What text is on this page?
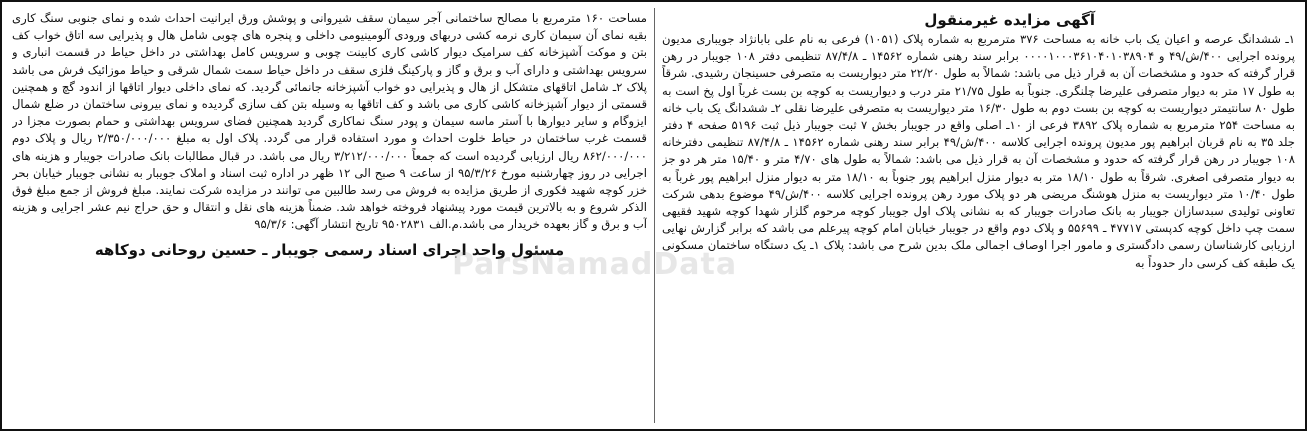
آگهی مزایده غیرمنقول
۱ـ ششدانگ عرصه و اعیان یک باب خانه به مساحت ۳۷۶ مترمربع به شماره پلاک (۱۰۵۱) فرعی به نام علی بابانژاد جویباری مدیون پرونده اجرایی ۴۰۰/ش/۴۹ و ۰۰۰۰۱۰۰۰۳۶۱۰۴۰۱۰۳۸۹۰۴ برابر سند رهنی شماره ۱۴۵۶۲ ـ ۸۷/۴/۸ تنظیمی دفتر ۱۰۸ جویبار در رهن قرار گرفته که حدود و مشخصات آن به قرار ذیل می باشد: شمالاً به طول ۲۲/۲۰ متر دیواریست به متصرفی حسینجان رشیدی. شرقاً به طول ۱۷ متر به دیوار متصرفی علیرضا چلنگری. جنوباً به طول ۲۱/۷۵ متر درب و دیواریست به کوچه بن بست غرباً اول پخ است به طول ۸۰ سانتیمتر دیواریست به کوچه بن بست دوم به طول ۱۶/۳۰ متر دیواریست به متصرفی علیرضا نقلی ۲ـ ششدانگ یک باب خانه به مساحت ۲۵۴ مترمربع به شماره پلاک ۳۸۹۲ فرعی از ۱۰ـ اصلی واقع در جویبار بخش ۷ ثبت جویبار ذیل ثبت ۵۱۹۶ صفحه ۴ دفتر جلد ۳۵ به نام قربان ابراهیم پور مدیون پرونده اجرایی کلاسه ۴۰۰/ش/۴۹ برابر سند رهنی شماره ۱۴۵۶۲ ـ ۸۷/۴/۸ تنظیمی دفترخانه ۱۰۸ جویبار در رهن قرار گرفته که حدود و مشخصات آن به قرار ذیل می باشد: شمالاً به طول های ۴/۷۰ متر و ۱۵/۴۰ متر هر دو جز به دیوار متصرفی اصغری. شرقاً به طول ۱۸/۱۰ متر به دیوار منزل ابراهیم پور جنوباً به ۱۸/۱۰ متر به دیوار منزل ابراهیم پور غرباً به طول ۱۰/۴۰ متر دیواریست به منزل هوشنگ مریضی هر دو پلاک مورد رهن پرونده اجرایی کلاسه ۴۰۰/ش/۴۹ موضوع بدهی شرکت تعاونی تولیدی سبدسازان جویبار به بانک صادرات جویبار که به نشانی پلاک اول جویبار کوچه مرحوم گلزار شهدا کوچه شهید فقیهی سمت چپ داخل کوچه کدپستی ۴۷۷۱۷ ـ ۵۵۶۹۹ و پلاک دوم واقع در جویبار خیابان امام کوچه پیرعلم می باشد که برابر گزارش نهایی ارزیابی کارشناسان رسمی دادگستری و مامور اجرا اوصاف اجمالی ملک بدین شرح می باشد: پلاک ۱ـ یک دستگاه ساختمان مسکونی یک طبقه کف کرسی دار حدوداً به
مساحت ۱۶۰ مترمربع با مصالح ساختمانی آجر سیمان سقف شیروانی و پوشش ورق ایرانیت احداث شده و نمای جنوبی سنگ کاری بقیه نمای آن سیمان کاری نرمه کشی دربهای ورودی آلومینیومی داخلی و پنجره های چوبی شامل هال و پذیرایی سه اتاق خواب کف بتن و موکت آشپزخانه کف سرامیک دیوار کاشی کاری کابینت چوبی و سرویس کامل بهداشتی در داخل حیاط در قسمت انباری و سرویس بهداشتی و دارای آب و برق و گاز و پارکینگ فلزی سقف در داخل حیاط سمت شمال شرقی و حیاط موزائیک فرش می باشد پلاک ۲ـ شامل اتاقهای متشکل از هال و پذیرایی دو خواب آشپزخانه جانمائی گردید. که نمای داخلی دیوار اتاقها از اندود گچ و همچنین قسمتی از دیوار آشپزخانه کاشی کاری می باشد و کف اتاقها به وسیله بتن کف سازی گردیده و نمای بیرونی ساختمان در ضلع شمال ایزوگام و سایر دیوارها با آستر ماسه سیمان و پودر سنگ نماکاری گردید همچنین فضای سرویس بهداشتی و حمام بصورت مجزا در قسمت غرب ساختمان در حیاط خلوت احداث و مورد استفاده قرار می گردد. پلاک اول به مبلغ ۲/۳۵۰/۰۰۰/۰۰۰ ریال و پلاک دوم ۸۶۲/۰۰۰/۰۰۰ ریال ارزیابی گردیده است که جمعاً ۳/۲۱۲/۰۰۰/۰۰۰ ریال می باشد. در قبال مطالبات بانک صادرات جویبار و هزینه های اجرایی در روز چهارشنبه مورخ ۹۵/۳/۲۶ از ساعت ۹ صبح الی ۱۲ ظهر در اداره ثبت اسناد و املاک جویبار به نشانی جویبار خیابان بحر خزر کوچه شهید فکوری از طریق مزایده به فروش می رسد طالبین می توانند در مزایده شرکت نمایند. مبلغ فروش از جمع مبلغ فوق الذکر شروع و به بالاترین قیمت مورد پیشنهاد فروخته خواهد شد. ضمناً هزینه های نقل و انتقال و حق حراج نیم عشر اجرایی و هزینه آب و برق و گاز بعهده خریدار می باشد.م.الف ۹۵۰۲۸۳۱ تاریخ انتشار آگهی: ۹۵/۳/۶
مسئول واحد اجرای اسناد رسمی جویبار ـ حسین روحانی دوکاهه
ParsNamadData
